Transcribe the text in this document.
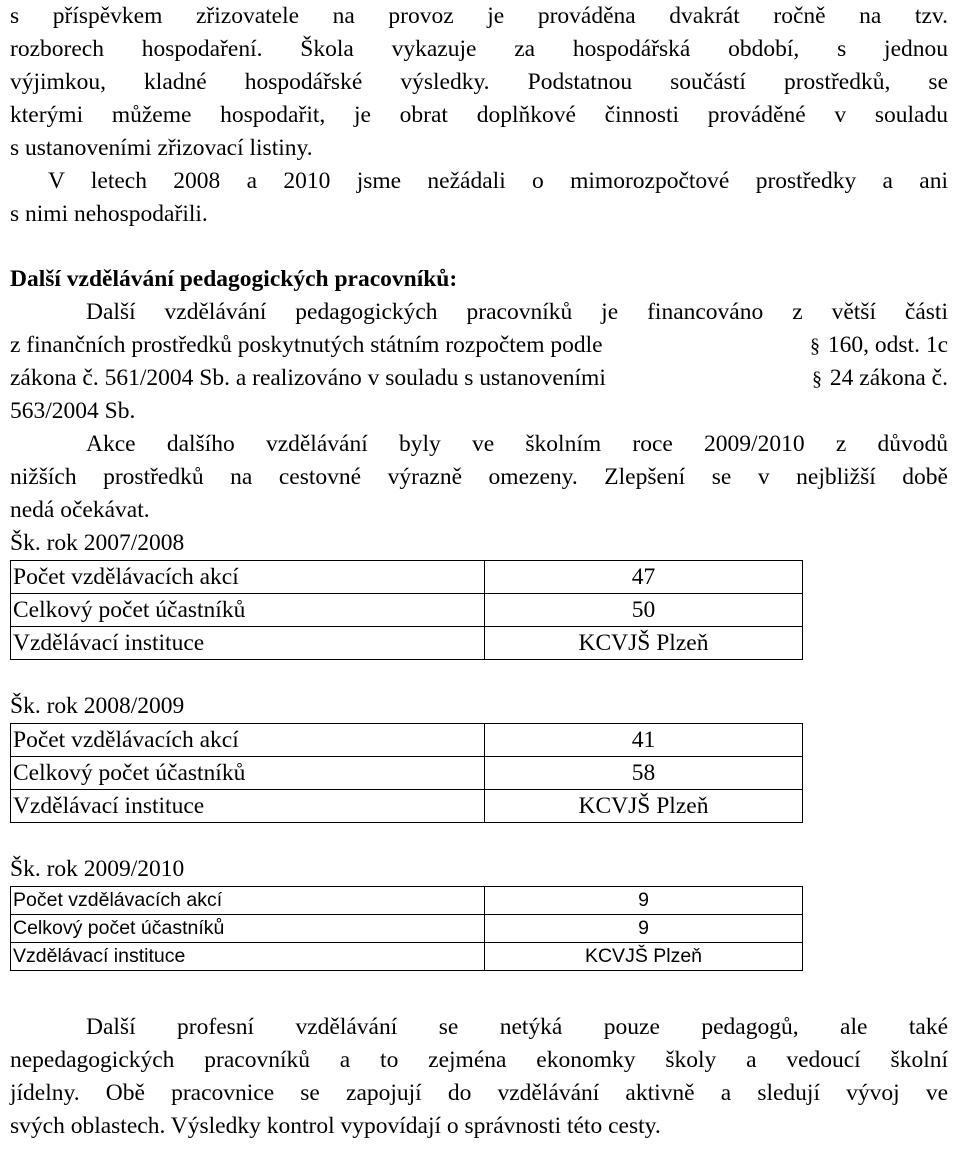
s příspěvkem zřizovatele na provoz je prováděna dvakrát ročně na tzv.
rozborech hospodaření. Škola vykazuje za hospodářská období, s jednou
výjimkou, kladné hospodářské výsledky. Podstatnou součástí prostředků, se
kterými můžeme hospodařit, je obrat doplňkové činnosti prováděné v souladu
s ustanoveními zřizovací listiny.
V letech 2008 a 2010 jsme nežádali o mimorozpočtové prostředky a ani
s nimi nehospodařili.
Další vzdělávání pedagogických pracovníků:
Další vzdělávání pedagogických pracovníků je financováno z větší části
z finančních prostředků poskytnutých státním rozpočtem podle	§ 160, odst. 1c
zákona č. 561/2004 Sb. a realizováno v souladu s ustanoveními	§ 24 zákona č.
563/2004 Sb.
Akce dalšího vzdělávání byly ve školním roce 2009/2010 z důvodů
nižších prostředků na cestovné výrazně omezeny. Zlepšení se v nejbližší době
nedá očekávat.
Šk. rok 2007/2008
Počet vzdělávacích akcí	47
Celkový počet účastníků	50
Vzdělávací instituce	KCVJŠ Plzeň
Šk. rok 2008/2009
Počet vzdělávacích akcí	41
Celkový počet účastníků	58
Vzdělávací instituce	KCVJŠ Plzeň
Šk. rok 2009/2010
Počet vzdělávacích akcí	9
Celkový počet účastníků	9
Vzdělávací instituce	KCVJŠ Plzeň
Další profesní vzdělávání se netýká pouze pedagogů, ale také
nepedagogických pracovníků a to zejména ekonomky školy a vedoucí školní
jídelny. Obě pracovnice se zapojují do vzdělávání aktivně a sledují vývoj ve
svých oblastech. Výsledky kontrol vypovídají o správnosti této cesty.
